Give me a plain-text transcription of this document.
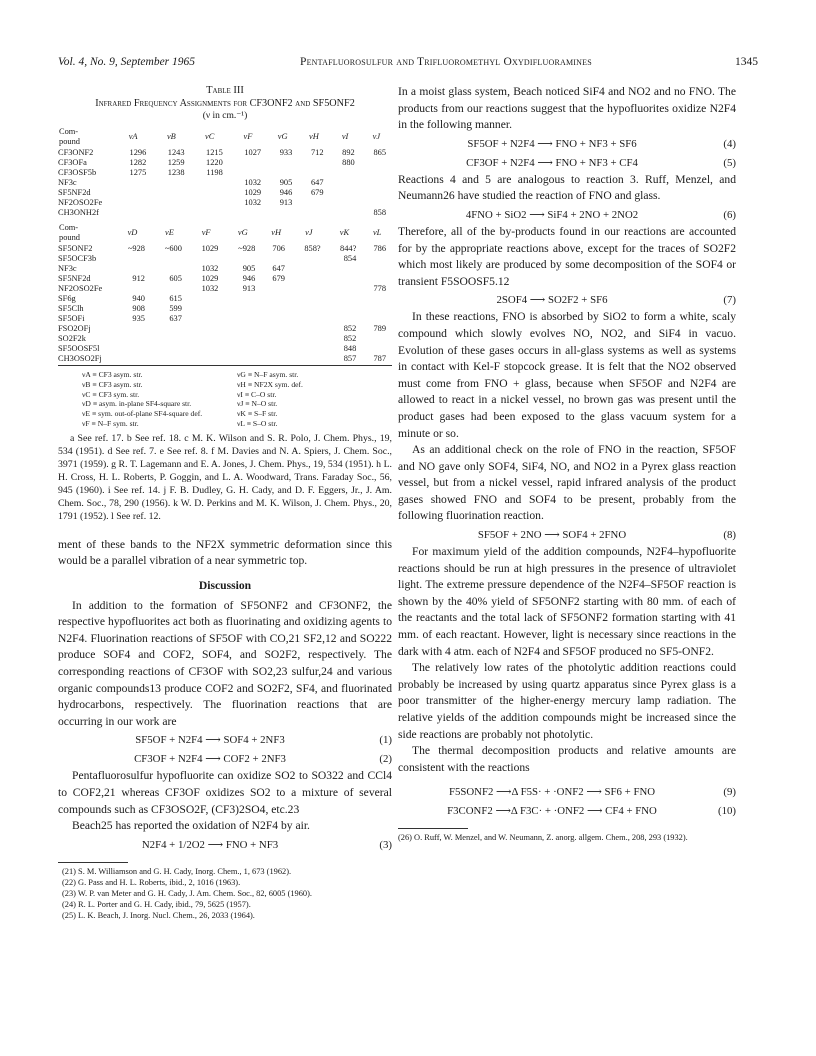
Vol. 4, No. 9, September 1965	Pentafluorosulfur and Trifluoromethyl Oxydifluoramines	1345
Table III
Infrared Frequency Assignments for CF3ONF2 and SF5ONF2
(ν in cm.⁻¹)
Com-
pound	νA	νB	νC	νF	νG	νH	νI	νJ
CF3ONF2	1296	1243	1215	1027	933	712	892	865
CF3OFa	1282	1259	1220				880	
CF3OSF5b	1275	1238	1198					
NF3c				1032	905	647		
SF5NF2d				1029	946	679		
NF2OSO2Fe				1032	913			
CH3ONH2f								858
Com-
pound	νD	νE	νF	νG	νH	νJ	νK	νL
SF5ONF2	~928	~600	1029	~928	706	858?	844?	786
SF5OCF3b							854	
NF3c			1032	905	647			
SF5NF2d	912	605	1029	946	679			
NF2OSO2Fe			1032	913				778
SF6g	940	615						
SF5Clh	908	599						
SF5OFi	935	637						
FSO2OFj							852	789
SO2F2k							852	
SF5OOSF5l							848	
CH3OSO2Fj							857	787
νA ≡ CF3 asym. str.	νG ≡ N–F asym. str.
νB ≡ CF3 asym. str.	νH ≡ NF2X sym. def.
νC ≡ CF3 sym. str.	νI ≡ C–O str.
νD ≡ asym. in-plane SF4-square str.	νJ ≡ N–O str.
νE ≡ sym. out-of-plane SF4-square def.	νK ≡ S–F str.
νF ≡ N–F sym. str.	νL ≡ S–O str.
a See ref. 17. b See ref. 18. c M. K. Wilson and S. R. Polo, J. Chem. Phys., 19, 534 (1951). d See ref. 7. e See ref. 8. f M. Davies and N. A. Spiers, J. Chem. Soc., 3971 (1959). g R. T. Lagemann and E. A. Jones, J. Chem. Phys., 19, 534 (1951). h L. H. Cross, H. L. Roberts, P. Goggin, and L. A. Woodward, Trans. Faraday Soc., 56, 945 (1960). i See ref. 14. j F. B. Dudley, G. H. Cady, and D. F. Eggers, Jr., J. Am. Chem. Soc., 78, 290 (1956). k W. D. Perkins and M. K. Wilson, J. Chem. Phys., 20, 1791 (1952). l See ref. 12.

ment of these bands to the NF2X symmetric deformation since this would be a parallel vibration of a near symmetric top.

Discussion

In addition to the formation of SF5ONF2 and CF3ONF2, the respective hypofluorites act both as fluorinating and oxidizing agents to N2F4. Fluorination reactions of SF5OF with CO,21 SF2,12 and SO222 produce SOF4 and COF2, SOF4, and SO2F2, respectively. The corresponding reactions of CF3OF with SO2,23 sulfur,24 and various organic compounds13 produce COF2 and SO2F2, SF4, and fluorinated hydrocarbons, respectively. The fluorination reactions that are occurring in our work are

SF5OF + N2F4 ⟶ SOF4 + 2NF3	(1)
CF3OF + N2F4 ⟶ COF2 + 2NF3	(2)

Pentafluorosulfur hypofluorite can oxidize SO2 to SO322 and CCl4 to COF2,21 whereas CF3OF oxidizes SO2 to a mixture of several compounds such as CF3OSO2F, (CF3)2SO4, etc.23

Beach25 has reported the oxidation of N2F4 by air.

N2F4 + 1/2O2 ⟶ FNO + NF3	(3)
(21) S. M. Williamson and G. H. Cady, Inorg. Chem., 1, 673 (1962).
(22) G. Pass and H. L. Roberts, ibid., 2, 1016 (1963).
(23) W. P. van Meter and G. H. Cady, J. Am. Chem. Soc., 82, 6005 (1960).
(24) R. L. Porter and G. H. Cady, ibid., 79, 5625 (1957).
(25) L. K. Beach, J. Inorg. Nucl. Chem., 26, 2033 (1964).

In a moist glass system, Beach noticed SiF4 and NO2 and no FNO. The products from our reactions suggest that the hypofluorites oxidize N2F4 in the following manner.

SF5OF + N2F4 ⟶ FNO + NF3 + SF6	(4)
CF3OF + N2F4 ⟶ FNO + NF3 + CF4	(5)

Reactions 4 and 5 are analogous to reaction 3. Ruff, Menzel, and Neumann26 have studied the reaction of FNO and glass.

4FNO + SiO2 ⟶ SiF4 + 2NO + 2NO2	(6)

Therefore, all of the by-products found in our reactions are accounted for by the appropriate reactions above, except for the traces of SO2F2 which most likely are produced by some decomposition of the SOF4 or transient F5SOOSF5.12

2SOF4 ⟶ SO2F2 + SF6	(7)

In these reactions, FNO is absorbed by SiO2 to form a white, scaly compound which slowly evolves NO, NO2, and SiF4 in vacuo. Evolution of these gases occurs in all-glass systems as well as systems in contact with Kel-F stopcock grease. It is felt that the NO2 observed must come from FNO + glass, because when SF5OF and N2F4 are allowed to react in a nickel vessel, no brown gas was present until the product gases had been exposed to the glass vacuum system for a minute or so.

As an additional check on the role of FNO in the reaction, SF5OF and NO gave only SOF4, SiF4, NO, and NO2 in a Pyrex glass reaction vessel, but from a nickel vessel, rapid infrared analysis of the product gases showed FNO and SOF4 to be present, probably from the following fluorination reaction.

SF5OF + 2NO ⟶ SOF4 + 2FNO	(8)

For maximum yield of the addition compounds, N2F4–hypofluorite reactions should be run at high pressures in the presence of ultraviolet light. The extreme pressure dependence of the N2F4–SF5OF reaction is shown by the 40% yield of SF5ONF2 starting with 80 mm. of each of the reactants and the total lack of SF5ONF2 formation starting with 41 mm. of each reactant. However, light is necessary since reactions in the dark with 4 atm. each of N2F4 and SF5OF produced no SF5-ONF2.

The relatively low rates of the photolytic addition reactions could probably be increased by using quartz apparatus since Pyrex glass is a poor transmitter of the higher-energy mercury lamp radiation. The relative yields of the addition compounds might be increased since the side reactions are probably not photolytic.

The thermal decomposition products and relative amounts are consistent with the reactions

F5SONF2 ⟶Δ F5S· + ·ONF2 ⟶ SF6 + FNO	(9)
F3CONF2 ⟶Δ F3C· + ·ONF2 ⟶ CF4 + FNO	(10)
(26) O. Ruff, W. Menzel, and W. Neumann, Z. anorg. allgem. Chem., 208, 293 (1932).
